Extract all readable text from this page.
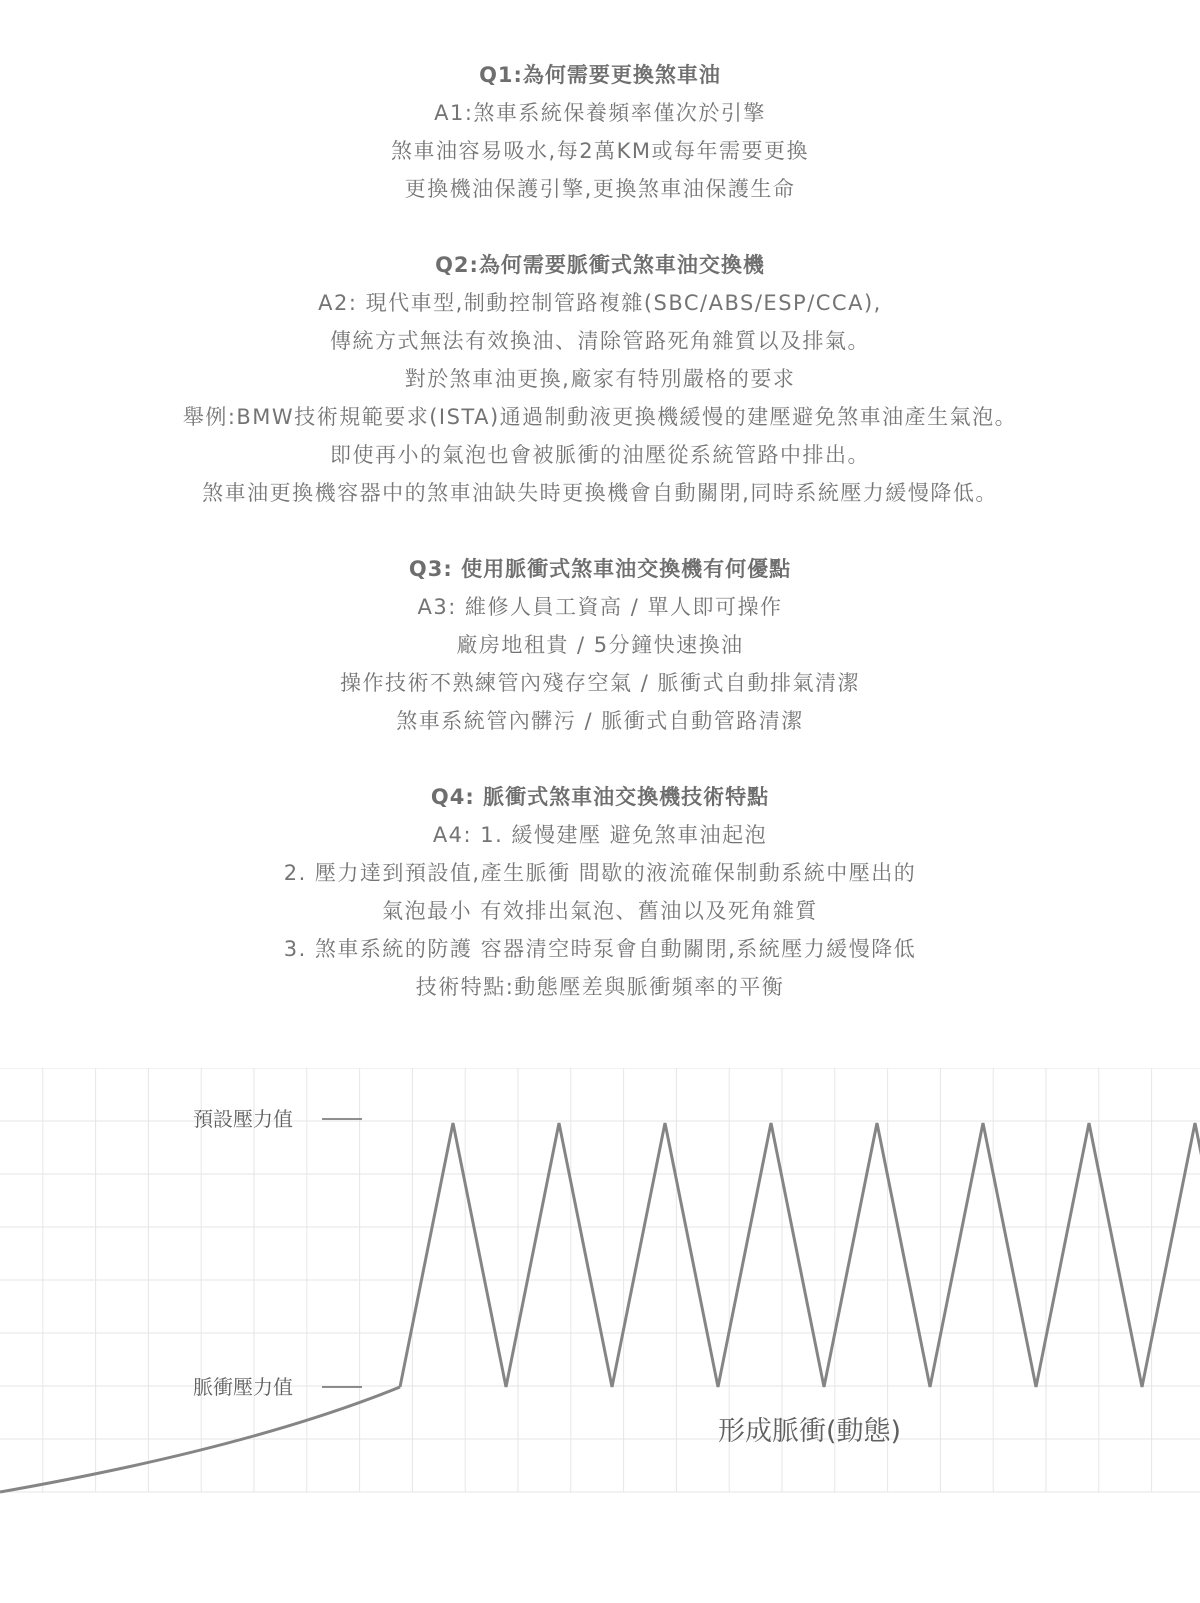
Q1:為何需要更換煞車油
A1:煞車系統保養頻率僅次於引擎
煞車油容易吸水,每2萬KM或每年需要更換
更換機油保護引擎,更換煞車油保護生命
Q2:為何需要脈衝式煞車油交換機
A2: 現代車型,制動控制管路複雜(SBC/ABS/ESP/CCA),
傳統方式無法有效換油、清除管路死角雜質以及排氣。
對於煞車油更換,廠家有特別嚴格的要求
舉例:BMW技術規範要求(ISTA)通過制動液更換機緩慢的建壓避免煞車油產生氣泡。
即使再小的氣泡也會被脈衝的油壓從系統管路中排出。
煞車油更換機容器中的煞車油缺失時更換機會自動關閉,同時系統壓力緩慢降低。
Q3: 使用脈衝式煞車油交換機有何優點
A3: 維修人員工資高 / 單人即可操作
廠房地租貴 / 5分鐘快速換油
操作技術不熟練管內殘存空氣 / 脈衝式自動排氣清潔
煞車系統管內髒污 / 脈衝式自動管路清潔
Q4: 脈衝式煞車油交換機技術特點
A4: 1. 緩慢建壓 避免煞車油起泡
2. 壓力達到預設值,產生脈衝 間歇的液流確保制動系統中壓出的
氣泡最小 有效排出氣泡、舊油以及死角雜質
3. 煞車系統的防護 容器清空時泵會自動關閉,系統壓力緩慢降低
技術特點:動態壓差與脈衝頻率的平衡
預設壓力值
脈衝壓力值
形成脈衝(動態)
